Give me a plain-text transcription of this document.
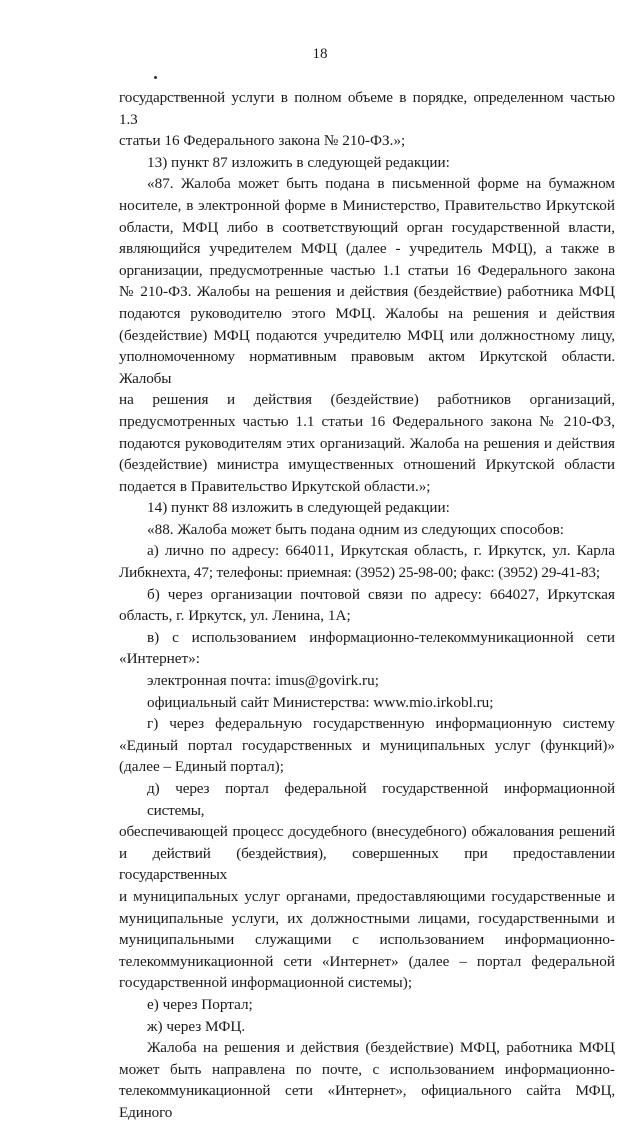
18

государственной услуги в полном объеме в порядке, определенном частью 1.3
статьи 16 Федерального закона № 210-ФЗ.»;

13) пункт 87 изложить в следующей редакции:

«87. Жалоба может быть подана в письменной форме на бумажном
носителе, в электронной форме в Министерство, Правительство Иркутской
области, МФЦ либо в соответствующий орган государственной власти,
являющийся учредителем МФЦ (далее - учредитель МФЦ), а также в
организации, предусмотренные частью 1.1 статьи 16 Федерального закона
№ 210-ФЗ. Жалобы на решения и действия (бездействие) работника МФЦ
подаются руководителю этого МФЦ. Жалобы на решения и действия
(бездействие) МФЦ подаются учредителю МФЦ или должностному лицу,
уполномоченному нормативным правовым актом Иркутской области. Жалобы
на решения и действия (бездействие) работников организаций,
предусмотренных частью 1.1 статьи 16 Федерального закона № 210-ФЗ,
подаются руководителям этих организаций. Жалоба на решения и действия
(бездействие) министра имущественных отношений Иркутской области
подается в Правительство Иркутской области.»;

14) пункт 88 изложить в следующей редакции:

«88. Жалоба может быть подана одним из следующих способов:

а) лично по адресу: 664011, Иркутская область, г. Иркутск, ул. Карла
Либкнехта, 47; телефоны: приемная: (3952) 25-98-00; факс: (3952) 29-41-83;

б) через организации почтовой связи по адресу: 664027, Иркутская
область, г. Иркутск, ул. Ленина, 1А;

в) с использованием информационно-телекоммуникационной сети
«Интернет»:

электронная почта: imus@govirk.ru;

официальный сайт Министерства: www.mio.irkobl.ru;

г) через федеральную государственную информационную систему
«Единый портал государственных и муниципальных услуг (функций)»
(далее – Единый портал);

д) через портал федеральной государственной информационной системы,
обеспечивающей процесс досудебного (внесудебного) обжалования решений
и действий (бездействия), совершенных при предоставлении государственных
и муниципальных услуг органами, предоставляющими государственные и
муниципальные услуги, их должностными лицами, государственными и
муниципальными служащими с использованием информационно-
телекоммуникационной сети «Интернет» (далее – портал федеральной
государственной информационной системы);

е) через Портал;

ж) через МФЦ.

Жалоба на решения и действия (бездействие) МФЦ, работника МФЦ
может быть направлена по почте, с использованием информационно-
телекоммуникационной сети «Интернет», официального сайта МФЦ, Единого
